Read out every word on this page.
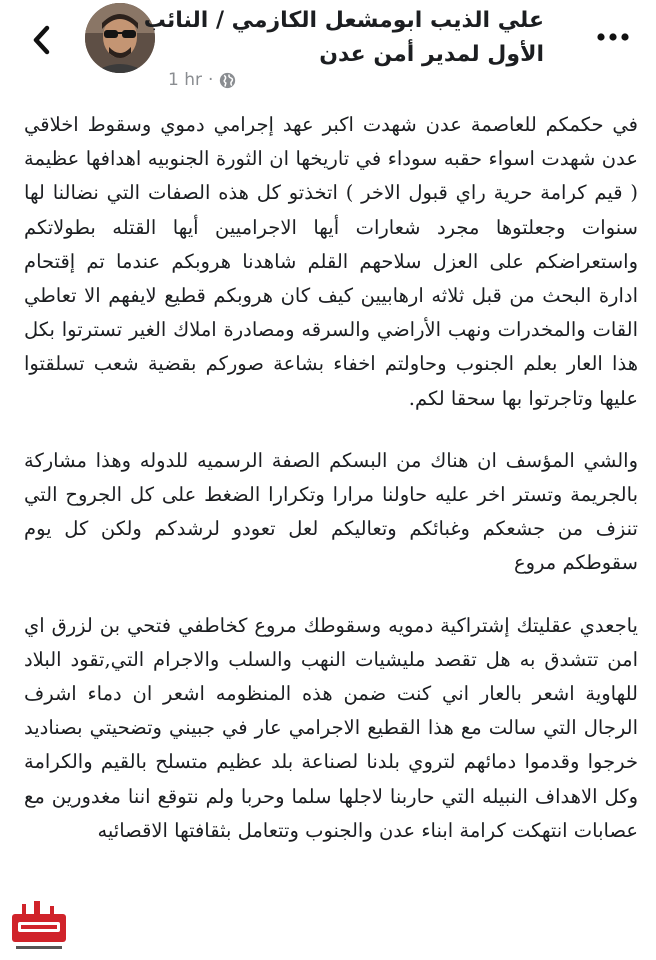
علي الذيب ابومشعل الكازمي / النائب الأول لمدير أمن عدن
1 hr ·

في حكمكم للعاصمة عدن شهدت اكبر عهد إجرامي دموي وسقوط اخلاقي عدن شهدت اسواء حقبه سوداء في تاريخها ان الثورة الجنوبيه اهدافها عظيمة ( قيم كرامة حرية راي قبول الاخر ) اتخذتو كل هذه الصفات التي نضالنا لها سنوات وجعلتوها مجرد شعارات أيها الاجراميين أيها القتله بطولاتكم واستعراضكم على العزل سلاحهم القلم شاهدنا هروبكم عندما تم إقتحام ادارة البحث من قبل ثلاثه ارهابيين كيف كان هروبكم قطيع لايفهم الا تعاطي القات والمخدرات ونهب الأراضي والسرقه ومصادرة املاك الغير تسترتوا بكل هذا العار بعلم الجنوب وحاولتم اخفاء بشاعة صوركم بقضية شعب تسلقتوا عليها وتاجرتوا بها سحقا لكم.

والشي المؤسف ان هناك من البسكم الصفة الرسميه للدوله وهذا مشاركة بالجريمة وتستر اخر عليه حاولنا مرارا وتكرارا الضغط على كل الجروح التي تنزف من جشعكم وغبائكم وتعاليكم لعل تعودو لرشدكم ولكن كل يوم سقوطكم مروع

ياجعدي عقليتك إشتراكية دمويه وسقوطك مروع كخاطفي فتحي بن لزرق اي امن تتشدق به هل تقصد مليشيات النهب والسلب والاجرام التي,تقود البلاد للهاوية اشعر بالعار اني كنت ضمن هذه المنظومه اشعر ان دماء اشرف الرجال التي سالت مع هذا القطيع الاجرامي عار في جبيني وتضحيتي بصناديد خرجوا وقدموا دمائهم لتروي بلدنا لصناعة بلد عظيم متسلح بالقيم والكرامة وكل الاهداف النبيله التي حاربنا لاجلها سلما وحربا ولم نتوقع اننا مغدورين مع عصابات انتهكت كرامة ابناء عدن والجنوب وتتعامل بثقافتها الاقصائيه
